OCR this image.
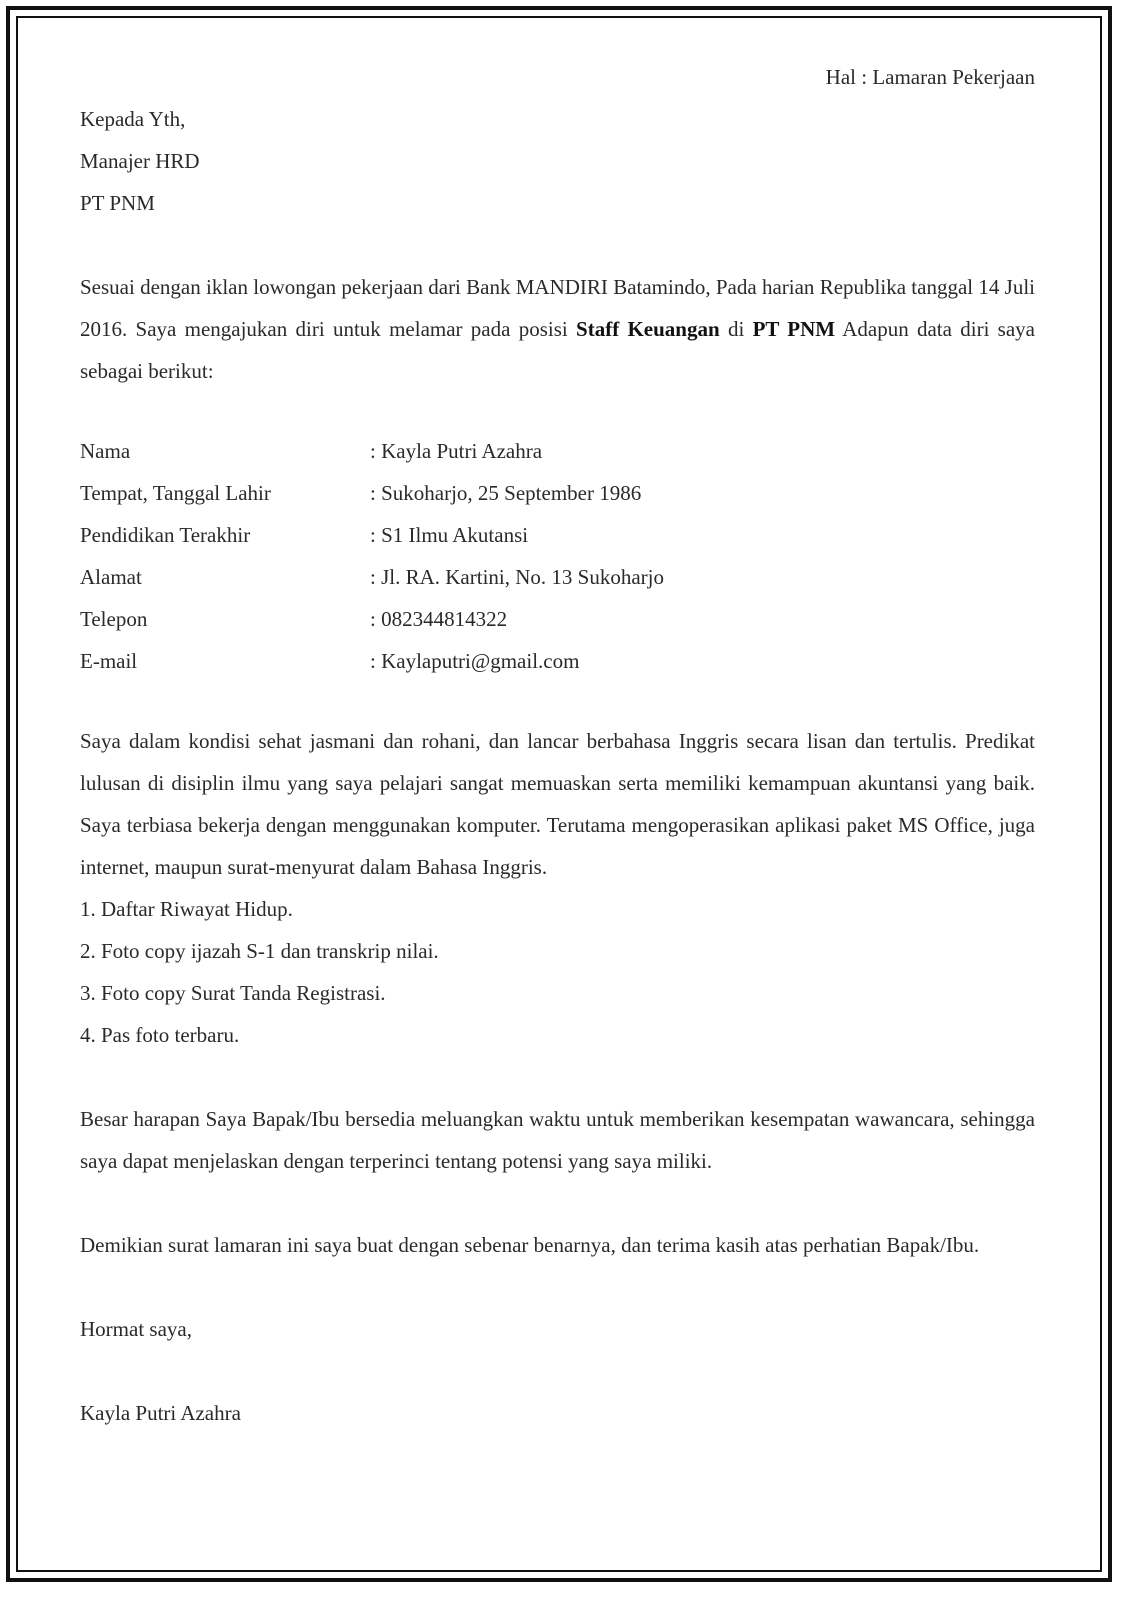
Hal : Lamaran Pekerjaan

Kepada Yth,

Manajer HRD

PT PNM

Sesuai dengan iklan lowongan pekerjaan dari Bank MANDIRI Batamindo, Pada harian Republika tanggal 14 Juli 2016. Saya mengajukan diri untuk melamar pada posisi Staff Keuangan di PT PNM Adapun data diri saya sebagai berikut:

Nama	: Kayla Putri Azahra
Tempat, Tanggal Lahir	: Sukoharjo, 25 September 1986
Pendidikan Terakhir	: S1 Ilmu Akutansi
Alamat	: Jl. RA. Kartini, No. 13 Sukoharjo
Telepon	: 082344814322
E-mail	: Kaylaputri@gmail.com

Saya dalam kondisi sehat jasmani dan rohani, dan lancar berbahasa Inggris secara lisan dan tertulis. Predikat lulusan di disiplin ilmu yang saya pelajari sangat memuaskan serta memiliki kemampuan akuntansi yang baik. Saya terbiasa bekerja dengan menggunakan komputer. Terutama mengoperasikan aplikasi paket MS Office, juga internet, maupun surat-menyurat dalam Bahasa Inggris.

1. Daftar Riwayat Hidup.

2. Foto copy ijazah S-1 dan transkrip nilai.

3. Foto copy Surat Tanda Registrasi.

4. Pas foto terbaru.

Besar harapan Saya Bapak/Ibu bersedia meluangkan waktu untuk memberikan kesempatan wawancara, sehingga saya dapat menjelaskan dengan terperinci tentang potensi yang saya miliki.

Demikian surat lamaran ini saya buat dengan sebenar benarnya, dan terima kasih atas perhatian Bapak/Ibu.

Hormat saya,

Kayla Putri Azahra
